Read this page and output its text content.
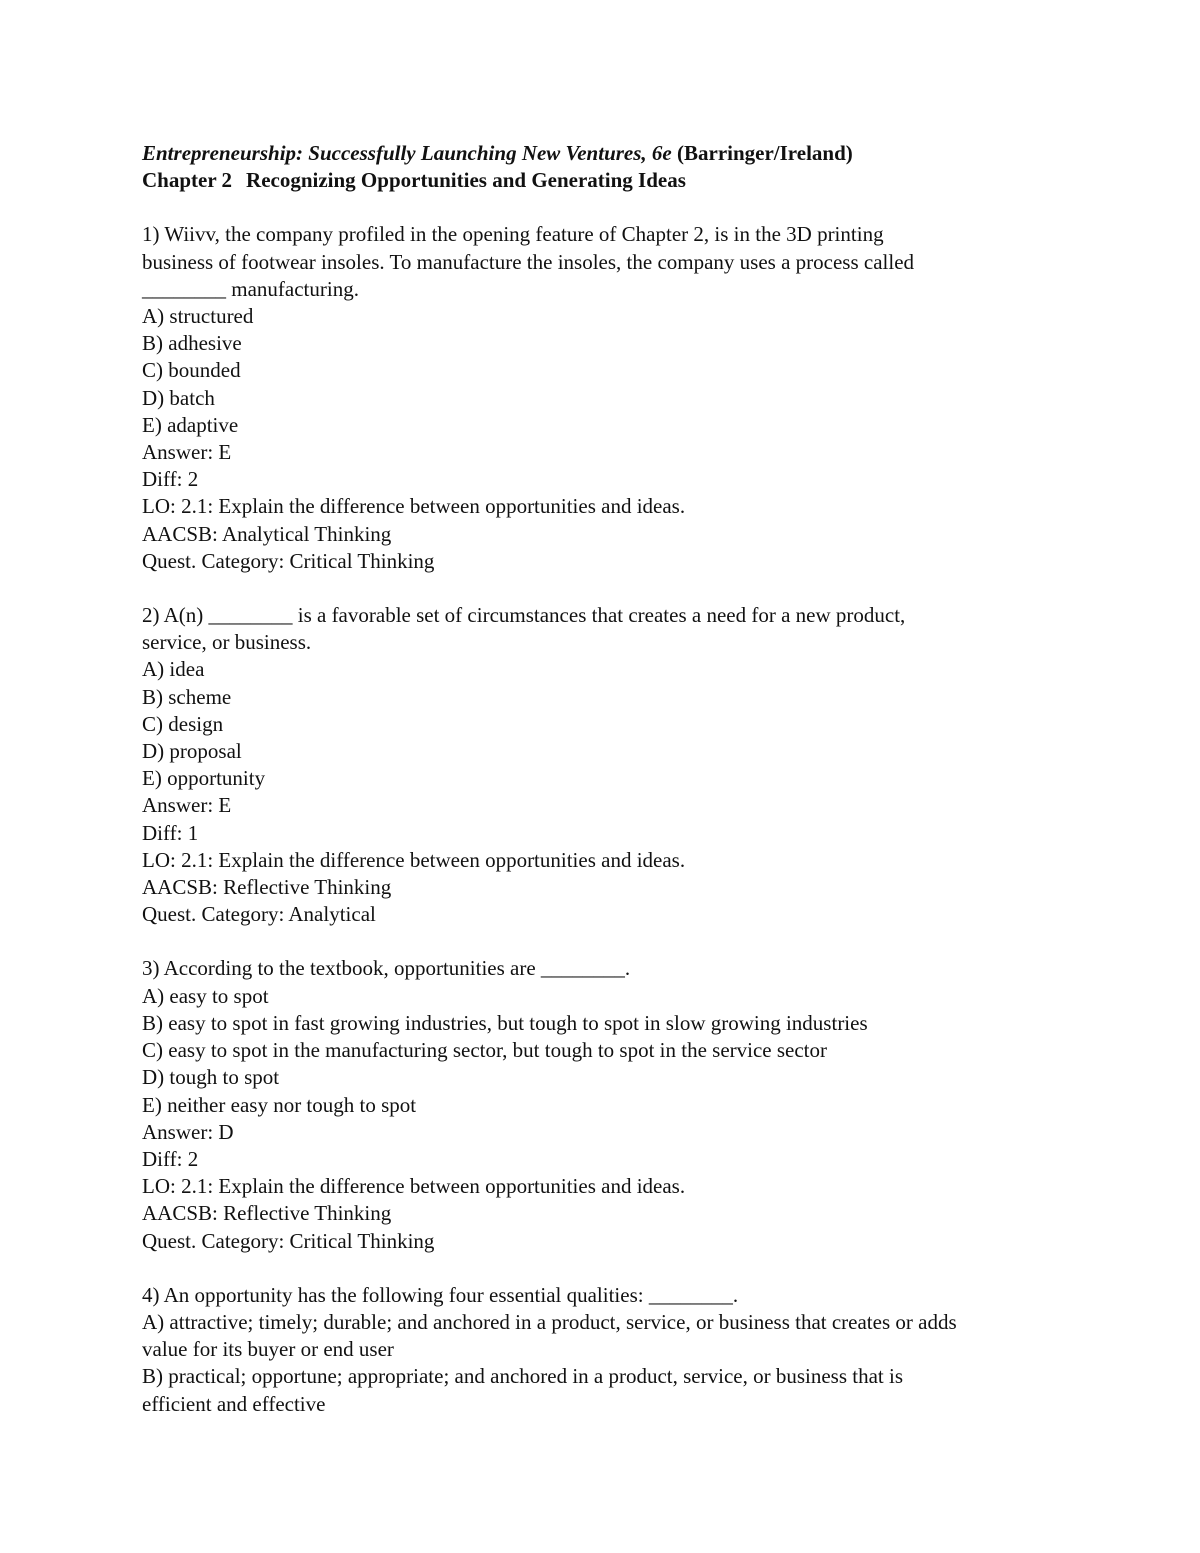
Entrepreneurship: Successfully Launching New Ventures, 6e (Barringer/Ireland)
Chapter 2 Recognizing Opportunities and Generating Ideas
1) Wiivv, the company profiled in the opening feature of Chapter 2, is in the 3D printing
business of footwear insoles. To manufacture the insoles, the company uses a process called
________ manufacturing.
A) structured
B) adhesive
C) bounded
D) batch
E) adaptive
Answer: E
Diff: 2
LO: 2.1: Explain the difference between opportunities and ideas.
AACSB: Analytical Thinking
Quest. Category: Critical Thinking
2) A(n) ________ is a favorable set of circumstances that creates a need for a new product,
service, or business.
A) idea
B) scheme
C) design
D) proposal
E) opportunity
Answer: E
Diff: 1
LO: 2.1: Explain the difference between opportunities and ideas.
AACSB: Reflective Thinking
Quest. Category: Analytical
3) According to the textbook, opportunities are ________.
A) easy to spot
B) easy to spot in fast growing industries, but tough to spot in slow growing industries
C) easy to spot in the manufacturing sector, but tough to spot in the service sector
D) tough to spot
E) neither easy nor tough to spot
Answer: D
Diff: 2
LO: 2.1: Explain the difference between opportunities and ideas.
AACSB: Reflective Thinking
Quest. Category: Critical Thinking
4) An opportunity has the following four essential qualities: ________.
A) attractive; timely; durable; and anchored in a product, service, or business that creates or adds
value for its buyer or end user
B) practical; opportune; appropriate; and anchored in a product, service, or business that is
efficient and effective
